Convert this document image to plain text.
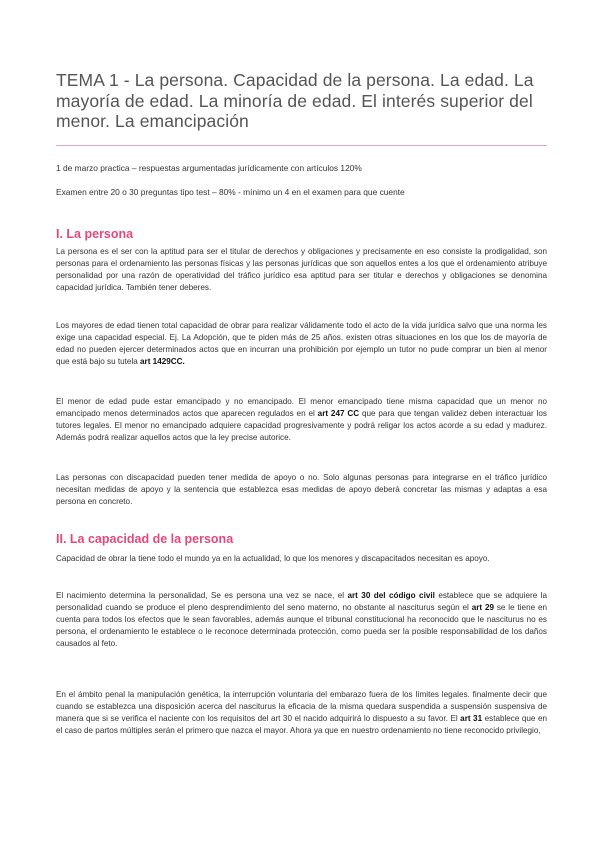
TEMA 1 - La persona. Capacidad de la persona. La edad. La mayoría de edad. La minoría de edad. El interés superior del menor. La emancipación
1 de marzo practica – respuestas argumentadas jurídicamente con artículos 120%
Examen entre 20 o 30 preguntas tipo test – 80% - mínimo un 4 en el examen para que cuente
I. La persona
La persona es el ser con la aptitud para ser el titular de derechos y obligaciones y precisamente en eso consiste la prodigalidad, son personas para el ordenamiento las personas físicas y las personas jurídicas que son aquellos entes a los que el ordenamiento atribuye personalidad por una razón de operatividad del tráfico jurídico esa aptitud para ser titular e derechos y obligaciones se denomina capacidad jurídica. También tener deberes.
Los mayores de edad tienen total capacidad de obrar para realizar válidamente todo el acto de la vida jurídica salvo que una norma les exige una capacidad especial. Ej. La Adopción, que te piden más de 25 años. existen otras situaciones en los que los de mayoría de edad no pueden ejercer determinados actos que en incurran una prohibición por ejemplo un tutor no pude comprar un bien al menor que está bajo su tutela art 1429CC.
El menor de edad pude estar emancipado y no emancipado. El menor emancipado tiene misma capacidad que un menor no emancipado menos determinados actos que aparecen regulados en el art 247 CC que para que tengan validez deben interactuar los tutores legales. El menor no emancipado adquiere capacidad progresivamente y podrá religar los actos acorde a su edad y madurez. Además podrá realizar aquellos actos que la ley precise autorice.
Las personas con discapacidad pueden tener medida de apoyo o no. Solo algunas personas para integrarse en el tráfico jurídico necesitan medidas de apoyo y la sentencia que establezca esas medidas de apoyo deberá concretar las mismas y adaptas a esa persona en concreto.
II. La capacidad de la persona
Capacidad de obrar la tiene todo el mundo ya en la actualidad, lo que los menores y discapacitados necesitan es apoyo.
El nacimiento determina la personalidad, Se es persona una vez se nace, el art 30 del código civil establece que se adquiere la personalidad cuando se produce el pleno desprendimiento del seno materno, no obstante al nasciturus según el art 29 se le tiene en cuenta para todos los efectos que le sean favorables, además aunque el tribunal constitucional ha reconocido que le nasciturus no es persona, el ordenamiento le establece o le reconoce determinada protección, como pueda ser la posible responsabilidad de los daños causados al feto.
En el ámbito penal la manipulación genética, la interrupción voluntaria del embarazo fuera de los límites legales. finalmente decir que cuando se establezca una disposición acerca del nasciturus la eficacia de la misma quedara suspendida a suspensión suspensiva de manera que si se verifica el naciente con los requisitos del art 30 el nacido adquirirá lo dispuesto a su favor. El art 31 establece que en el caso de partos múltiples serán el primero que nazca el mayor. Ahora ya que en nuestro ordenamiento no tiene reconocido privilegio,
